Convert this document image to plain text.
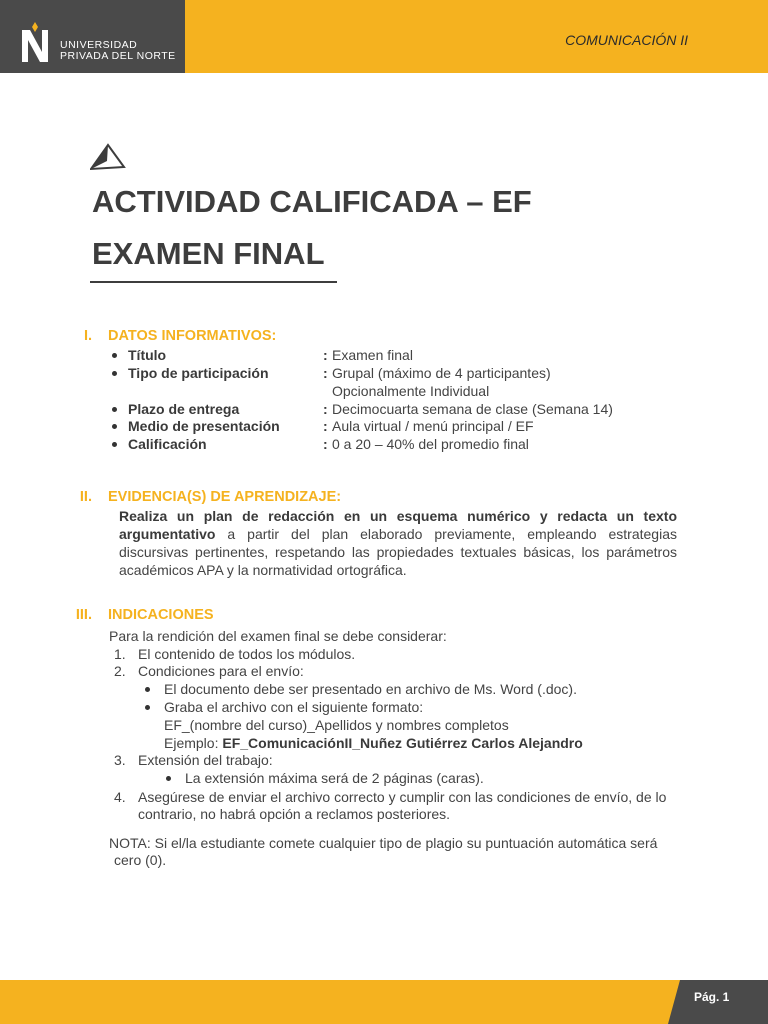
UNIVERSIDAD
PRIVADA DEL NORTE
COMUNICACIÓN II
ACTIVIDAD CALIFICADA – EF
EXAMEN FINAL
I. DATOS INFORMATIVOS:
Título	: Examen final
Tipo de participación	: Grupal (máximo de 4 participantes)
Opcionalmente Individual
Plazo de entrega	: Decimocuarta semana de clase (Semana 14)
Medio de presentación	: Aula virtual / menú principal / EF
Calificación	: 0 a 20 – 40% del promedio final
II. EVIDENCIA(S) DE APRENDIZAJE:
Realiza un plan de redacción en un esquema numérico y redacta un texto argumentativo a partir del plan elaborado previamente, empleando estrategias discursivas pertinentes, respetando las propiedades textuales básicas, los parámetros académicos APA y la normatividad ortográfica.
III. INDICACIONES
Para la rendición del examen final se debe considerar:
1. El contenido de todos los módulos.
2. Condiciones para el envío:
El documento debe ser presentado en archivo de Ms. Word (.doc).
Graba el archivo con el siguiente formato:
EF_(nombre del curso)_Apellidos y nombres completos
Ejemplo: EF_ComunicaciónII_Nuñez Gutiérrez Carlos Alejandro
3. Extensión del trabajo:
La extensión máxima será de 2 páginas (caras).
4. Asegúrese de enviar el archivo correcto y cumplir con las condiciones de envío, de lo
contrario, no habrá opción a reclamos posteriores.
NOTA: Si el/la estudiante comete cualquier tipo de plagio su puntuación automática será
cero (0).
Pág. 1
